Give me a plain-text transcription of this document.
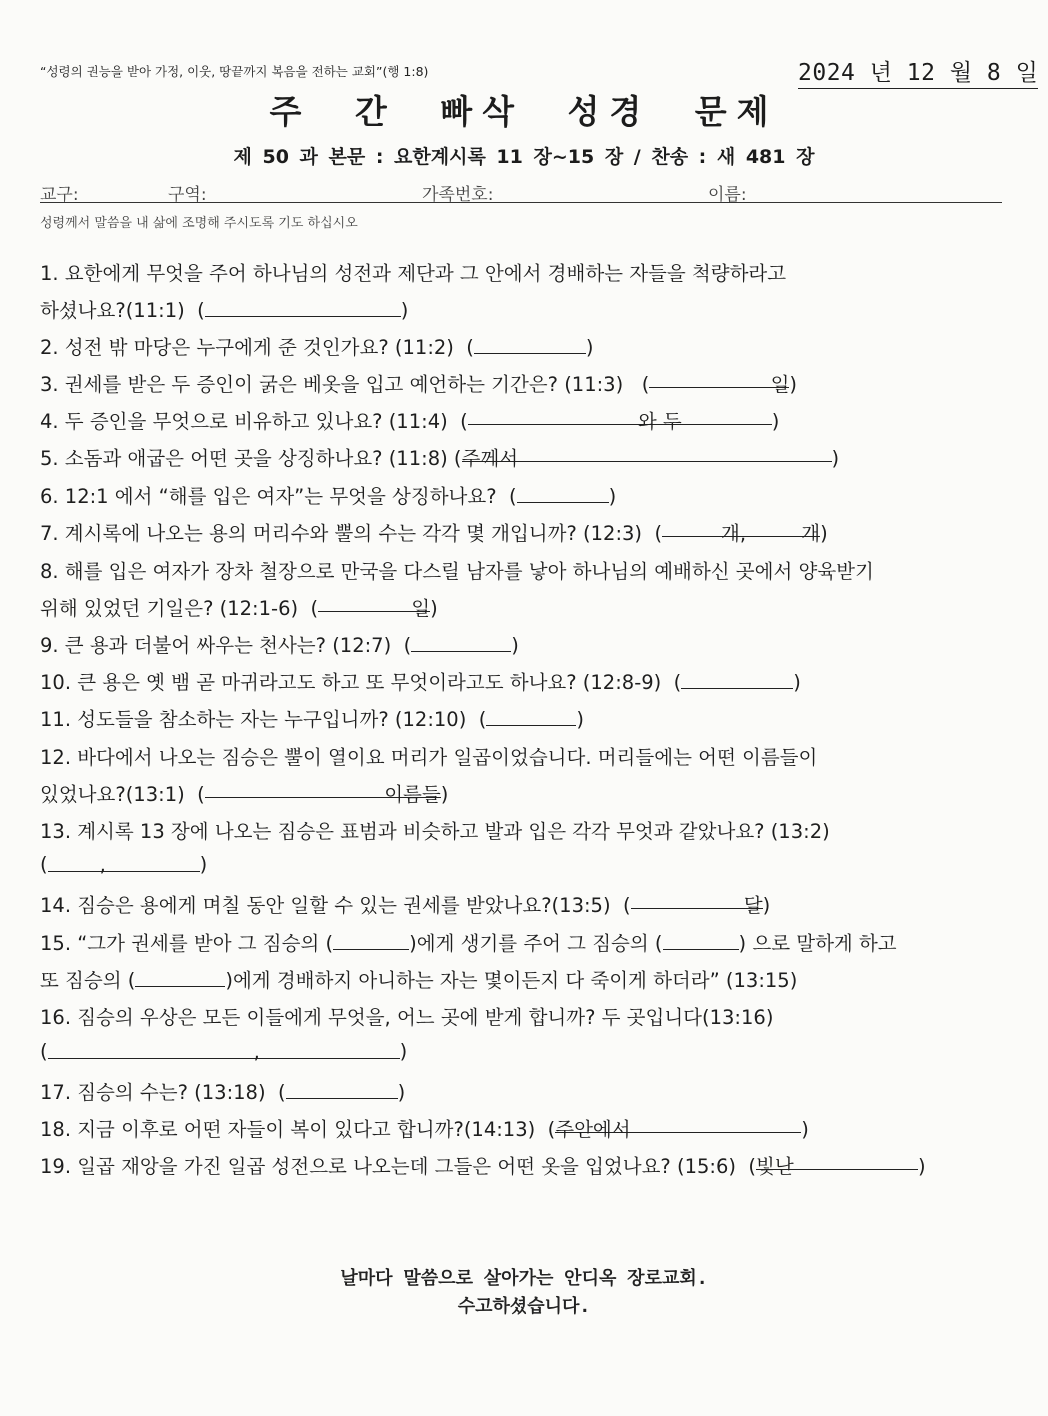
“성령의 권능을 받아 가정, 이웃, 땅끝까지 복음을 전하는 교회”(행 1:8)	2024 년 12 월 8 일
주 간 빠삭 성경 문제
제 50 과 본문 : 요한계시록 11 장~15 장 / 찬송 : 새 481 장
교구:	구역:	가족번호:	이름:
성령께서 말씀을 내 삶에 조명해 주시도록 기도 하십시오
1. 요한에게 무엇을 주어 하나님의 성전과 제단과 그 안에서 경배하는 자들을 척량하라고
하셨나요?(11:1)  (	)
2. 성전 밖 마당은 누구에게 준 것인가요? (11:2)  (	)
3. 권세를 받은 두 증인이 굵은 베옷을 입고 예언하는 기간은? (11:3)   (	일)
4. 두 증인을 무엇으로 비유하고 있나요? (11:4)  (	와 두	)
5. 소돔과 애굽은 어떤 곳을 상징하나요? (11:8) (주께서	)
6. 12:1 에서 “해를 입은 여자”는 무엇을 상징하나요?  (	)
7. 계시록에 나오는 용의 머리수와 뿔의 수는 각각 몇 개입니까? (12:3)  (	개,	개)
8. 해를 입은 여자가 장차 철장으로 만국을 다스릴 남자를 낳아 하나님의 예배하신 곳에서 양육받기
위해 있었던 기일은? (12:1-6)  (	일)
9. 큰 용과 더불어 싸우는 천사는? (12:7)  (	)
10. 큰 용은 옛 뱀 곧 마귀라고도 하고 또 무엇이라고도 하나요? (12:8-9)  (	)
11. 성도들을 참소하는 자는 누구입니까? (12:10)  (	)
12. 바다에서 나오는 짐승은 뿔이 열이요 머리가 일곱이었습니다. 머리들에는 어떤 이름들이
있었나요?(13:1)  (	이름들)
13. 계시록 13 장에 나오는 짐승은 표범과 비슷하고 발과 입은 각각 무엇과 같았나요? (13:2)
(	,	)
14. 짐승은 용에게 며칠 동안 일할 수 있는 권세를 받았나요?(13:5)  (	달)
15. “그가 권세를 받아 그 짐승의 (	)에게 생기를 주어 그 짐승의 (	) 으로 말하게 하고
또 짐승의 (	)에게 경배하지 아니하는 자는 몇이든지 다 죽이게 하더라” (13:15)
16. 짐승의 우상은 모든 이들에게 무엇을, 어느 곳에 받게 합니까? 두 곳입니다(13:16)
(	,	)
17. 짐승의 수는? (13:18)  (	)
18. 지금 이후로 어떤 자들이 복이 있다고 합니까?(14:13)  (주안에서	)
19. 일곱 재앙을 가진 일곱 성전으로 나오는데 그들은 어떤 옷을 입었나요? (15:6)  (빛난	)
날마다 말씀으로 살아가는 안디옥 장로교회.
수고하셨습니다.
